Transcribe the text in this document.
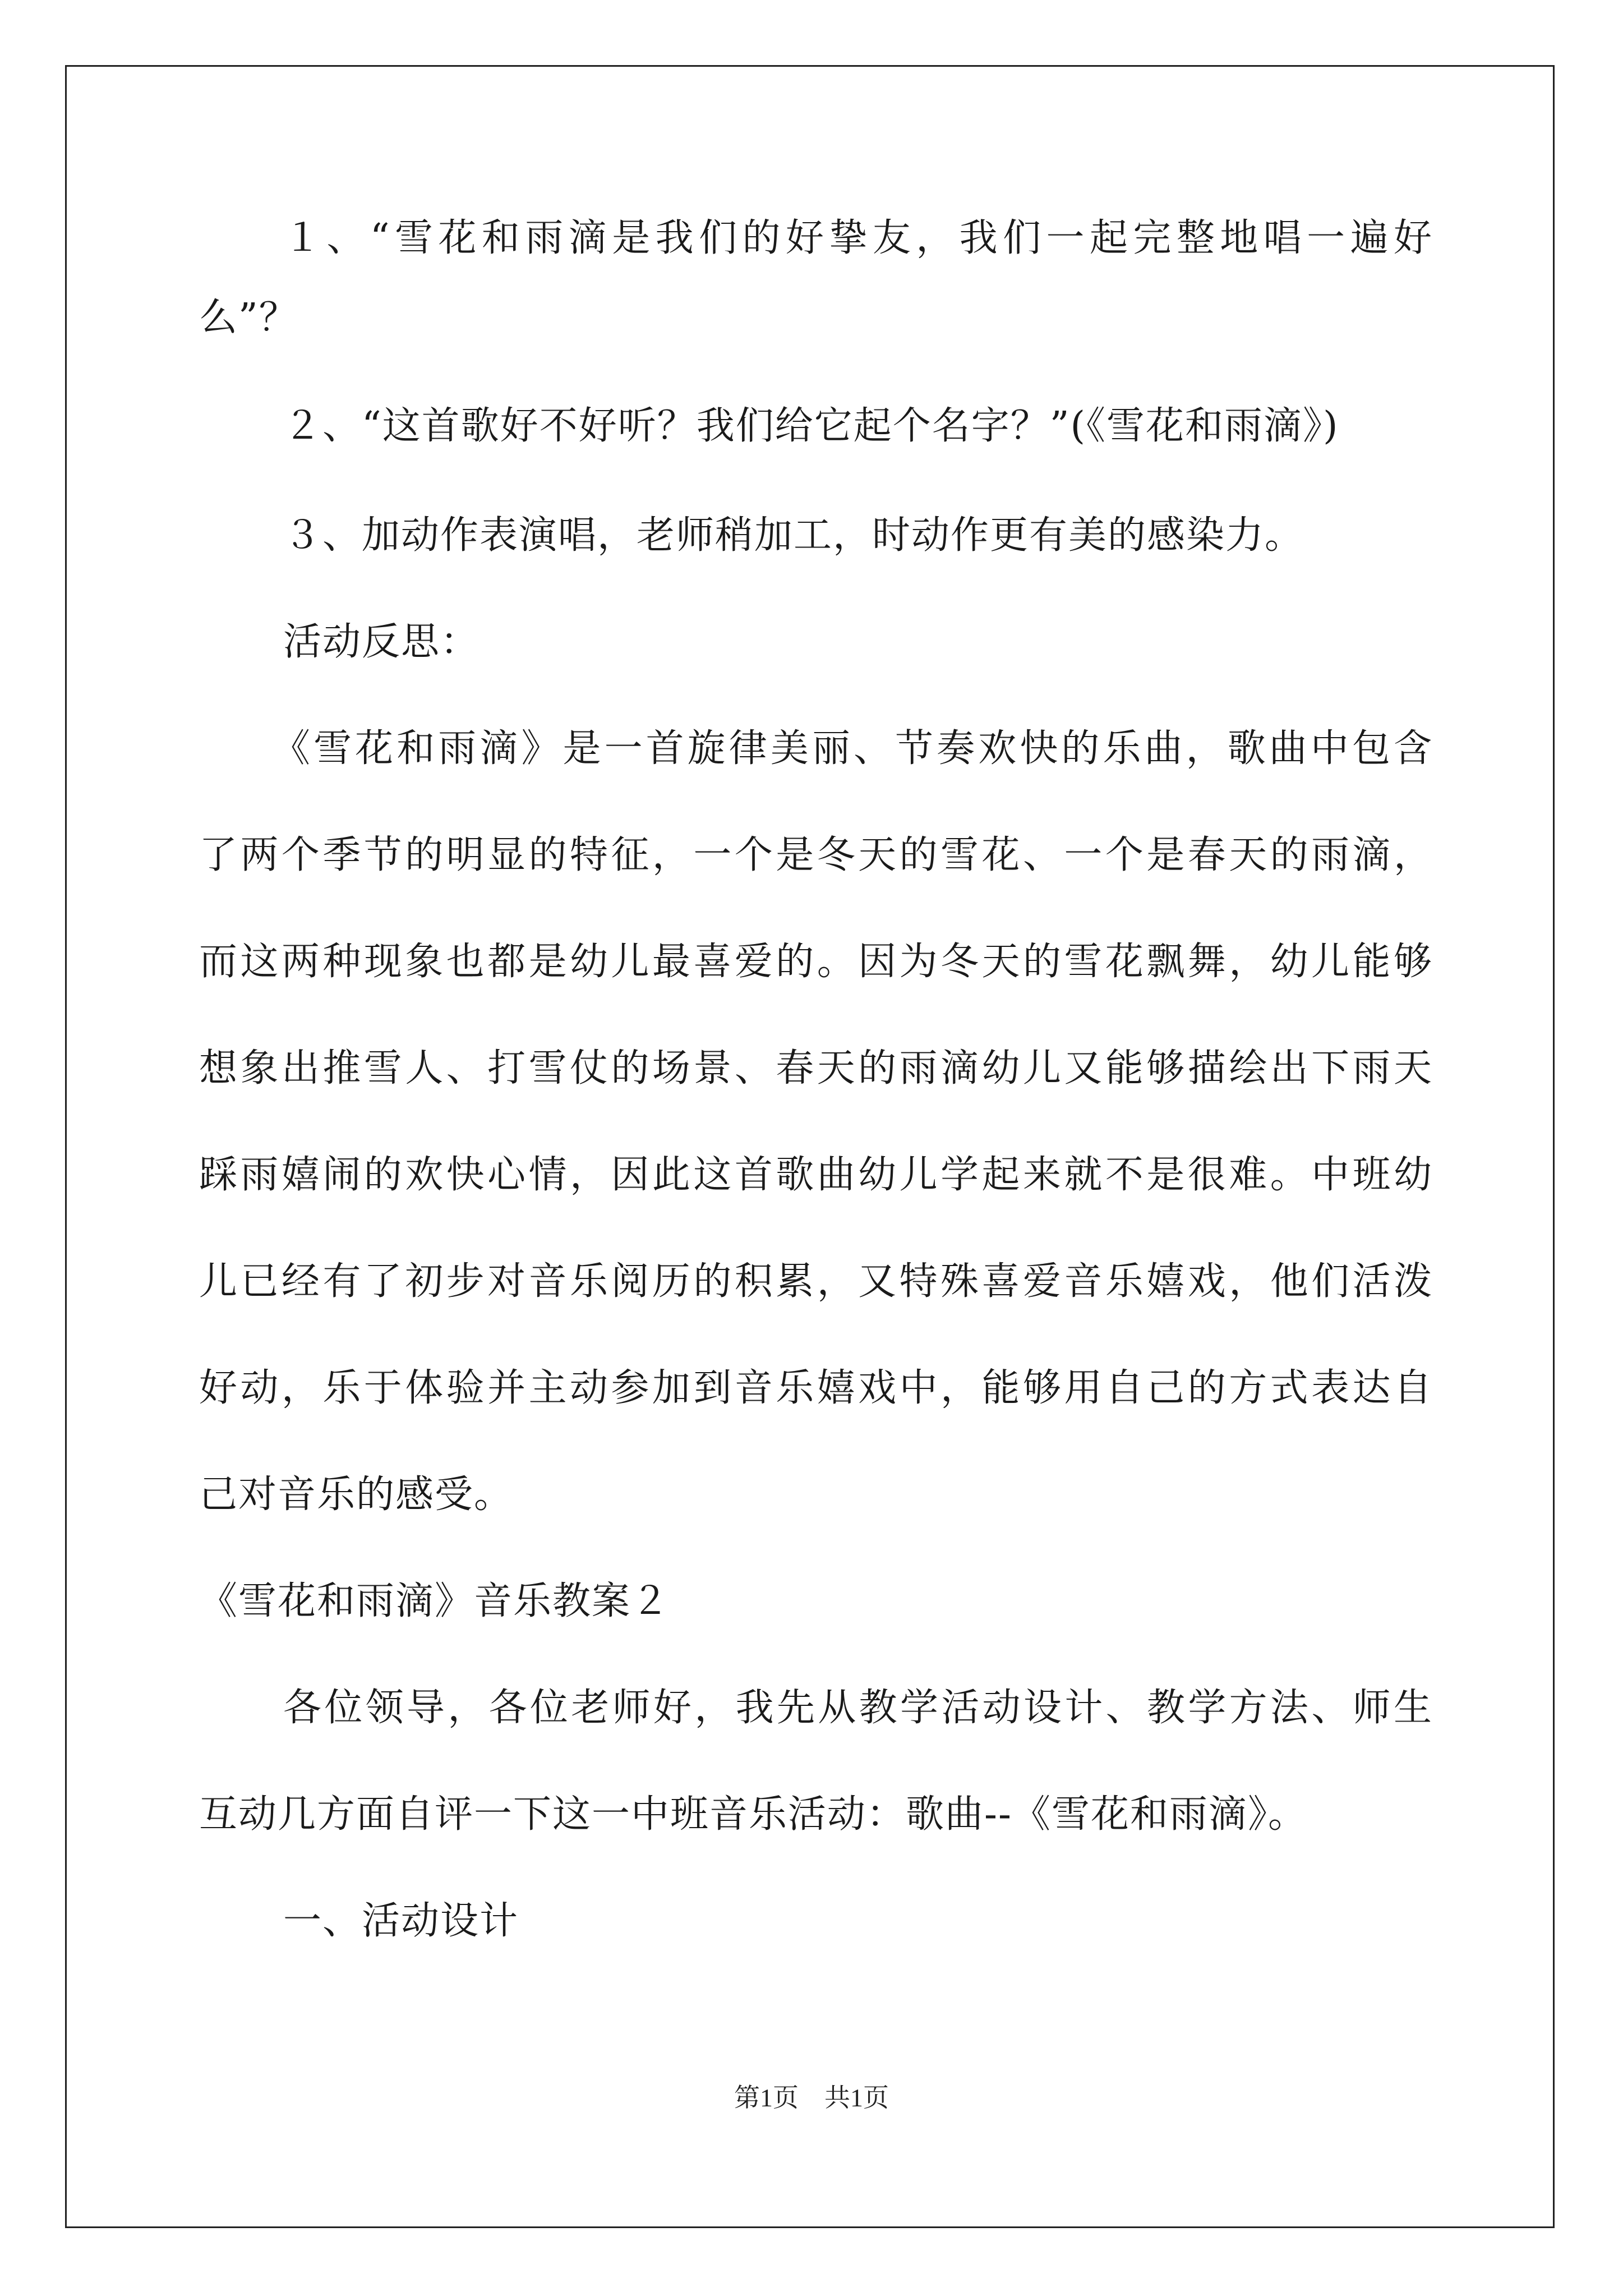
１、“雪花和雨滴是我们的好挚友，我们一起完整地唱一遍好
么”？
２、“这首歌好不好听？我们给它起个名字？”(《雪花和雨滴》)
３、加动作表演唱，老师稍加工，时动作更有美的感染力。
活动反思：
《雪花和雨滴》是一首旋律美丽、节奏欢快的乐曲，歌曲中包含
了两个季节的明显的特征，一个是冬天的雪花、一个是春天的雨滴，
而这两种现象也都是幼儿最喜爱的。因为冬天的雪花飘舞，幼儿能够
想象出推雪人、打雪仗的场景、春天的雨滴幼儿又能够描绘出下雨天
踩雨嬉闹的欢快心情，因此这首歌曲幼儿学起来就不是很难。中班幼
儿已经有了初步对音乐阅历的积累，又特殊喜爱音乐嬉戏，他们活泼
好动，乐于体验并主动参加到音乐嬉戏中，能够用自己的方式表达自
己对音乐的感受。
《雪花和雨滴》音乐教案２
各位领导，各位老师好，我先从教学活动设计、教学方法、师生
互动几方面自评一下这一中班音乐活动：歌曲--《雪花和雨滴》。
一、活动设计
第1页　共1页
